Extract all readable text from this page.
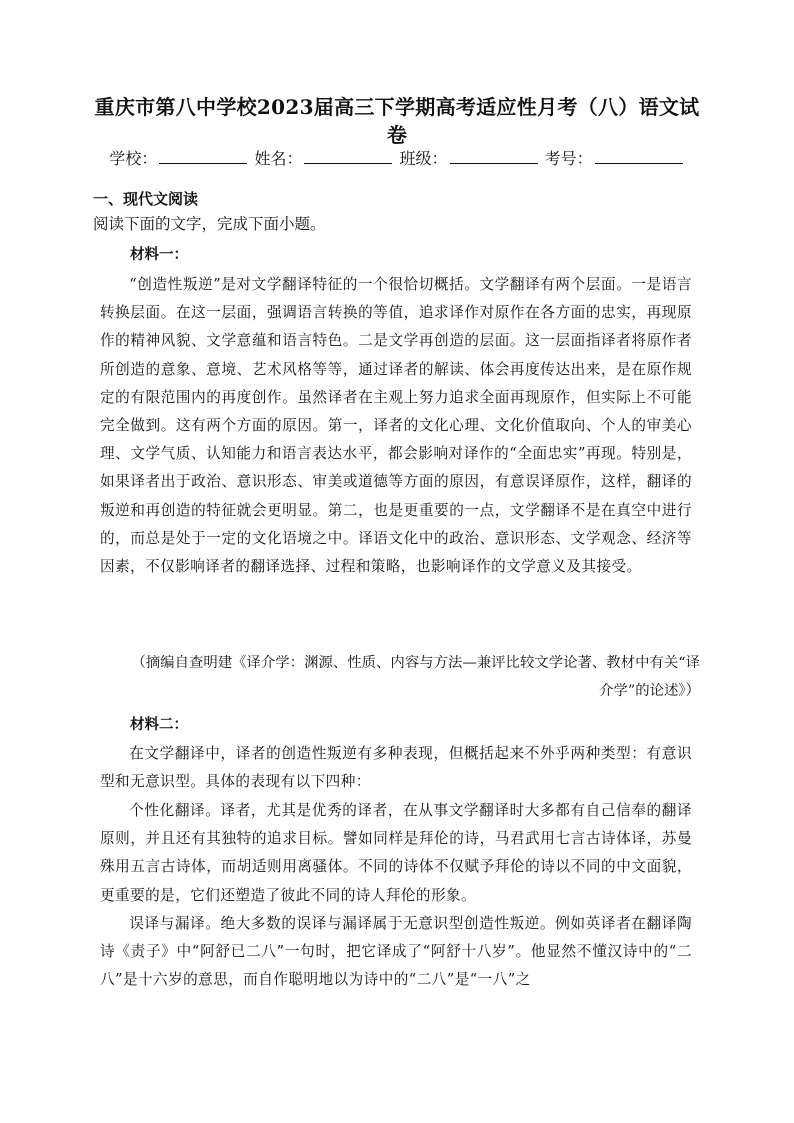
重庆市第八中学校2023届高三下学期高考适应性月考（八）语文试卷
学校：	姓名：	班级：	考号：
一、现代文阅读
阅读下面的文字，完成下面小题。
材料一：

“创造性叛逆”是对文学翻译特征的一个很恰切概括。文学翻译有两个层面。一是语言转换层面。在这一层面，强调语言转换的等值，追求译作对原作在各方面的忠实，再现原作的精神风貌、文学意蕴和语言特色。二是文学再创造的层面。这一层面指译者将原作者所创造的意象、意境、艺术风格等等，通过译者的解读、体会再度传达出来，是在原作规定的有限范围内的再度创作。虽然译者在主观上努力追求全面再现原作，但实际上不可能完全做到。这有两个方面的原因。第一，译者的文化心理、文化价值取向、个人的审美心理、文学气质、认知能力和语言表达水平，都会影响对译作的“全面忠实”再现。特别是，如果译者出于政治、意识形态、审美或道德等方面的原因，有意误译原作，这样，翻译的叛逆和再创造的特征就会更明显。第二，也是更重要的一点，文学翻译不是在真空中进行的，而总是处于一定的文化语境之中。译语文化中的政治、意识形态、文学观念、经济等因素，不仅影响译者的翻译选择、过程和策略，也影响译作的文学意义及其接受。

（摘编自查明建《译介学：渊源、性质、内容与方法—兼评比较文学论著、教材中有关“译介学”的论述》）
材料二：

在文学翻译中，译者的创造性叛逆有多种表现，但概括起来不外乎两种类型：有意识型和无意识型。具体的表现有以下四种：

个性化翻译。译者，尤其是优秀的译者，在从事文学翻译时大多都有自己信奉的翻译原则，并且还有其独特的追求目标。譬如同样是拜伦的诗，马君武用七言古诗体译，苏曼殊用五言古诗体，而胡适则用离骚体。不同的诗体不仅赋予拜伦的诗以不同的中文面貌，更重要的是，它们还塑造了彼此不同的诗人拜伦的形象。

误译与漏译。绝大多数的误译与漏译属于无意识型创造性叛逆。例如英译者在翻译陶诗《责子》中“阿舒已二八”一句时，把它译成了“阿舒十八岁”。他显然不懂汉诗中的“二八”是十六岁的意思，而自作聪明地以为诗中的“二八”是“一八”之
